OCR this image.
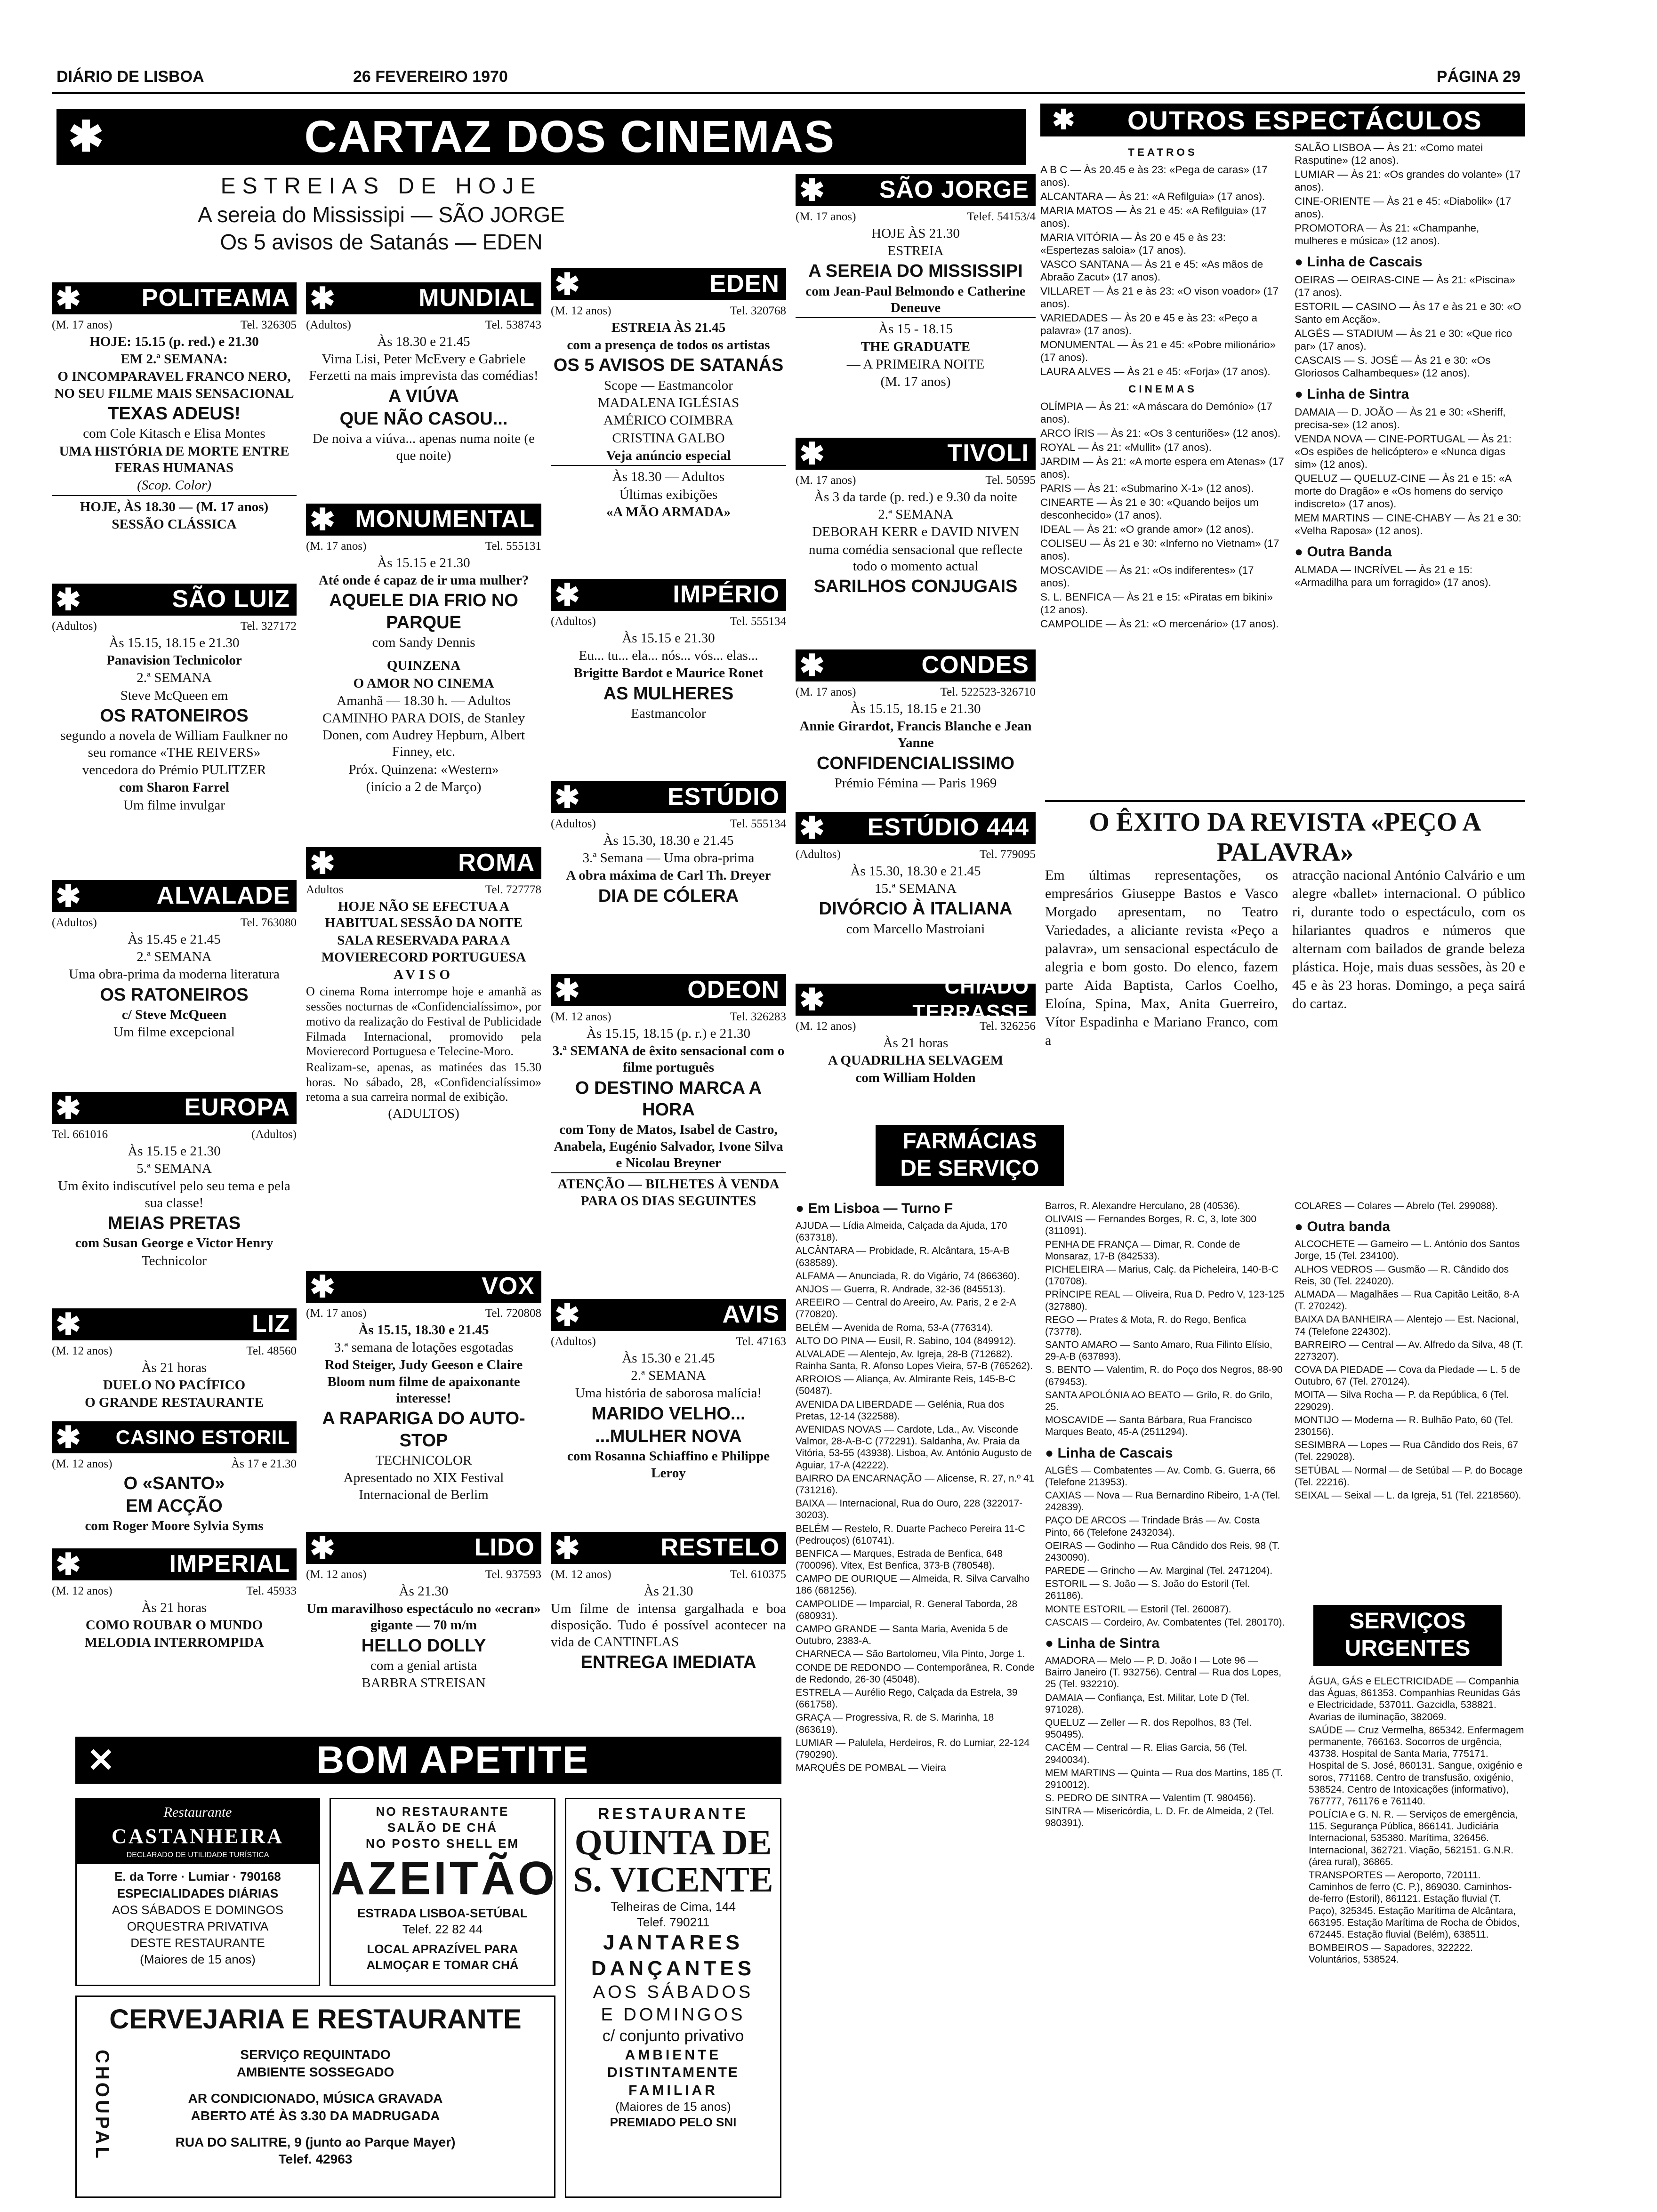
DIÁRIO DE LISBOA	26 FEVEREIRO 1970	PÁGINA 29
✱	CARTAZ DOS CINEMAS

ESTREIAS DE HOJE

A sereia do Mississipi — SÃO JORGE

Os 5 avisos de Satanás — EDEN

✱	POLITEAMA
(M. 17 anos)	Tel. 326305

HOJE: 15.15 (p. red.) e 21.30

EM 2.ª SEMANA:

O INCOMPARAVEL FRANCO NERO, NO SEU FILME MAIS SENSACIONAL

TEXAS ADEUS!

com Cole Kitasch e Elisa Montes

UMA HISTÓRIA DE MORTE ENTRE FERAS HUMANAS

(Scop. Color)

HOJE, ÀS 18.30 — (M. 17 anos)

SESSÃO CLÁSSICA

✱	SÃO LUIZ
(Adultos)	Tel. 327172

Às 15.15, 18.15 e 21.30

Panavision Technicolor

2.ª SEMANA

Steve McQueen em

OS RATONEIROS

segundo a novela de William Faulkner no seu romance «THE REIVERS»

vencedora do Prémio PULITZER

com Sharon Farrel

Um filme invulgar

✱	ALVALADE
(Adultos)	Tel. 763080

Às 15.45 e 21.45

2.ª SEMANA

Uma obra-prima da moderna literatura

OS RATONEIROS

c/ Steve McQueen

Um filme excepcional

✱	EUROPA
Tel. 661016	(Adultos)

Às 15.15 e 21.30

5.ª SEMANA

Um êxito indiscutível pelo seu tema e pela sua classe!

MEIAS PRETAS

com Susan George e Victor Henry

Technicolor

✱	LIZ
(M. 12 anos)	Tel. 48560

Às 21 horas

DUELO NO PACÍFICO

O GRANDE RESTAURANTE

✱	CASINO ESTORIL
(M. 12 anos)	Às 17 e 21.30

O «SANTO»

EM ACÇÃO

com Roger Moore Sylvia Syms

✱	IMPERIAL
(M. 12 anos)	Tel. 45933

Às 21 horas

COMO ROUBAR O MUNDO

MELODIA INTERROMPIDA

✱	MUNDIAL
(Adultos)	Tel. 538743

Às 18.30 e 21.45

Virna Lisi, Peter McEvery e Gabriele Ferzetti na mais imprevista das comédias!

A VIÚVA

QUE NÃO CASOU...

De noiva a viúva... apenas numa noite (e que noite)

✱ MONUMENTAL
(M. 17 anos)	Tel. 555131

Às 15.15 e 21.30

Até onde é capaz de ir uma mulher?

AQUELE DIA FRIO NO PARQUE

com Sandy Dennis

QUINZENA

O AMOR NO CINEMA

Amanhã — 18.30 h. — Adultos

CAMINHO PARA DOIS, de Stanley Donen, com Audrey Hepburn, Albert Finney, etc.

Próx. Quinzena: «Western»

(início a 2 de Março)

✱	ROMA
Adultos	Tel. 727778

HOJE NÃO SE EFECTUA A HABITUAL SESSÃO DA NOITE

SALA RESERVADA PARA A MOVIERECORD PORTUGUESA

AVISO

O cinema Roma interrompe hoje e amanhã as sessões nocturnas de «Confidencialíssimo», por motivo da realização do Festival de Publicidade Filmada Internacional, promovido pela Movierecord Portuguesa e Telecine-Moro.

Realizam-se, apenas, as matinées das 15.30 horas. No sábado, 28, «Confidencialíssimo» retoma a sua carreira normal de exibição.

(ADULTOS)

✱	VOX
(M. 17 anos)	Tel. 720808

Às 15.15, 18.30 e 21.45

3.ª semana de lotações esgotadas

Rod Steiger, Judy Geeson e Claire Bloom num filme de apaixonante interesse!

A RAPARIGA DO AUTO-STOP

TECHNICOLOR

Apresentado no XIX Festival Internacional de Berlim

✱	LIDO
(M. 12 anos)	Tel. 937593

Às 21.30

Um maravilhoso espectáculo no «ecran» gigante — 70 m/m

HELLO DOLLY

com a genial artista

BARBRA STREISAN

✱	EDEN
(M. 12 anos)	Tel. 320768

ESTREIA ÀS 21.45

com a presença de todos os artistas

OS 5 AVISOS DE SATANÁS

Scope — Eastmancolor

MADALENA IGLÉSIAS

AMÉRICO COIMBRA

CRISTINA GALBO

Veja anúncio especial

Às 18.30 — Adultos

Últimas exibições

«A MÃO ARMADA»

✱	IMPÉRIO
(Adultos)	Tel. 555134

Às 15.15 e 21.30

Eu... tu... ela... nós... vós... elas...

Brigitte Bardot e Maurice Ronet

AS MULHERES

Eastmancolor

✱	ESTÚDIO
(Adultos)	Tel. 555134

Às 15.30, 18.30 e 21.45

3.ª Semana — Uma obra-prima

A obra máxima de Carl Th. Dreyer

DIA DE CÓLERA

✱	ODEON
(M. 12 anos)	Tel. 326283

Às 15.15, 18.15 (p. r.) e 21.30

3.ª SEMANA de êxito sensacional com o filme português

O DESTINO MARCA A HORA

com Tony de Matos, Isabel de Castro, Anabela, Eugénio Salvador, Ivone Silva e Nicolau Breyner

ATENÇÃO — BILHETES À VENDA PARA OS DIAS SEGUINTES

✱	AVIS
(Adultos)	Tel. 47163

Às 15.30 e 21.45

2.ª SEMANA

Uma história de saborosa malícia!

MARIDO VELHO...

...MULHER NOVA

com Rosanna Schiaffino e Philippe Leroy

✱	RESTELO
(M. 12 anos)	Tel. 610375

Às 21.30

Um filme de intensa gargalhada e boa disposição. Tudo é possível acontecer na vida de CANTINFLAS

ENTREGA IMEDIATA

✱	SÃO JORGE
(M. 17 anos)	Telef. 54153/4

HOJE ÀS 21.30

ESTREIA

A SEREIA DO MISSISSIPI

com Jean-Paul Belmondo e Catherine Deneuve

Às 15 - 18.15

THE GRADUATE

— A PRIMEIRA NOITE

(M. 17 anos)

✱	TIVOLI
(M. 17 anos)	Tel. 50595

Às 3 da tarde (p. red.) e 9.30 da noite

2.ª SEMANA

DEBORAH KERR e DAVID NIVEN

numa comédia sensacional que reflecte todo o momento actual

SARILHOS CONJUGAIS

✱	CONDES
(M. 17 anos)	Tel. 522523-326710

Às 15.15, 18.15 e 21.30

Annie Girardot, Francis Blanche e Jean Yanne

CONFIDENCIALISSIMO

Prémio Fémina — Paris 1969

✱	ESTÚDIO 444
(Adultos)	Tel. 779095

Às 15.30, 18.30 e 21.45

15.ª SEMANA

DIVÓRCIO À ITALIANA

com Marcello Mastroiani

✱	CHIADO TERRASSE
(M. 12 anos)	Tel. 326256

Às 21 horas

A QUADRILHA SELVAGEM

com William Holden

✱	OUTROS ESPECTÁCULOS

TEATROS

A B C — Às 20.45 e às 23: «Pega de caras» (17 anos).

ALCANTARA — Às 21: «A Refilguia» (17 anos).

MARIA MATOS — Às 21 e 45: «A Refilguia» (17 anos).

MARIA VITÓRIA — Às 20 e 45 e às 23: «Espertezas saloia» (17 anos).

VASCO SANTANA — Às 21 e 45: «As mãos de Abraão Zacut» (17 anos).

VILLARET — Às 21 e às 23: «O vison voador» (17 anos).

VARIEDADES — Às 20 e 45 e às 23: «Peço a palavra» (17 anos).

MONUMENTAL — Às 21 e 45: «Pobre milionário» (17 anos).

LAURA ALVES — Às 21 e 45: «Forja» (17 anos).

CINEMAS

OLÍMPIA — Às 21: «A máscara do Demónio» (17 anos).

ARCO ÍRIS — Às 21: «Os 3 centuriões» (12 anos).

ROYAL — Às 21: «Mullit» (17 anos).

JARDIM — Às 21: «A morte espera em Atenas» (17 anos).

PARIS — Às 21: «Submarino X-1» (12 anos).

CINEARTE — Às 21 e 30: «Quando beijos um desconhecido» (17 anos).

IDEAL — Às 21: «O grande amor» (12 anos).

COLISEU — Às 21 e 30: «Inferno no Vietnam» (17 anos).

MOSCAVIDE — Às 21: «Os indiferentes» (17 anos).

S. L. BENFICA — Às 21 e 15: «Piratas em bikini» (12 anos).

CAMPOLIDE — Às 21: «O mercenário» (17 anos).

SALÃO LISBOA — Às 21: «Como matei Rasputine» (12 anos).

LUMIAR — Às 21: «Os grandes do volante» (17 anos).

CINE-ORIENTE — Às 21 e 45: «Diabolik» (17 anos).

PROMOTORA — Às 21: «Champanhe, mulheres e música» (12 anos).

● Linha de Cascais

OEIRAS — OEIRAS-CINE — Às 21: «Piscina» (17 anos).

ESTORIL — CASINO — Às 17 e às 21 e 30: «O Santo em Acção».

ALGÉS — STADIUM — Às 21 e 30: «Que rico par» (17 anos).

CASCAIS — S. JOSÉ — Às 21 e 30: «Os Gloriosos Calhambeques» (12 anos).

● Linha de Sintra

DAMAIA — D. JOÃO — Às 21 e 30: «Sheriff, precisa-se» (12 anos).

VENDA NOVA — CINE-PORTUGAL — Às 21: «Os espiões de helicóptero» e «Nunca digas sim» (12 anos).

QUELUZ — QUELUZ-CINE — Às 21 e 15: «A morte do Dragão» e «Os homens do serviço indiscreto» (17 anos).

MEM MARTINS — CINE-CHABY — Às 21 e 30: «Velha Raposa» (12 anos).

● Outra Banda

ALMADA — INCRÍVEL — Às 21 e 15: «Armadilha para um forragido» (17 anos).

O ÊXITO DA REVISTA «PEÇO A PALAVRA»
Em últimas representações, os empresários Giuseppe Bastos e Vasco Morgado apresentam, no Teatro Variedades, a aliciante revista «Peço a palavra», um sensacional espectáculo de alegria e bom gosto. Do elenco, fazem parte Aida Baptista, Carlos Coelho, Eloína, Spina, Max, Anita Guerreiro, Vítor Espadinha e Mariano Franco, com a
atracção nacional António Calvário e um alegre «ballet» internacional. O público ri, durante todo o espectáculo, com os hilariantes quadros e números que alternam com bailados de grande beleza plástica. Hoje, mais duas sessões, às 20 e 45 e às 23 horas. Domingo, a peça sairá do cartaz.
FARMÁCIAS
DE SERVIÇO

● Em Lisboa — Turno F

AJUDA — Lídia Almeida, Calçada da Ajuda, 170 (637318).

ALCÂNTARA — Probidade, R. Alcântara, 15-A-B (638589).

ALFAMA — Anunciada, R. do Vigário, 74 (866360).

ANJOS — Guerra, R. Andrade, 32-36 (845513).

AREEIRO — Central do Areeiro, Av. Paris, 2 e 2-A (770820).

BELÉM — Avenida de Roma, 53-A (776314).

ALTO DO PINA — Eusil, R. Sabino, 104 (849912).

ALVALADE — Alentejo, Av. Igreja, 28-B (712682). Rainha Santa, R. Afonso Lopes Vieira, 57-B (765262).

ARROIOS — Aliança, Av. Almirante Reis, 145-B-C (50487).

AVENIDA DA LIBERDADE — Gelénia, Rua dos Pretas, 12-14 (322588).

AVENIDAS NOVAS — Cardote, Lda., Av. Visconde Valmor, 28-A-B-C (772291). Saldanha, Av. Praia da Vitória, 53-55 (43938). Lisboa, Av. António Augusto de Aguiar, 17-A (42222).

BAIRRO DA ENCARNAÇÃO — Alicense, R. 27, n.º 41 (731216).

BAIXA — Internacional, Rua do Ouro, 228 (322017-30203).

BELÉM — Restelo, R. Duarte Pacheco Pereira 11-C (Pedrouços) (610741).

BENFICA — Marques, Estrada de Benfica, 648 (700096). Vitex, Est Benfica, 373-B (780548).

CAMPO DE OURIQUE — Almeida, R. Silva Carvalho 186 (681256).

CAMPOLIDE — Imparcial, R. General Taborda, 28 (680931).

CAMPO GRANDE — Santa Maria, Avenida 5 de Outubro, 2383-A.

CHARNECA — São Bartolomeu, Vila Pinto, Jorge 1.

CONDE DE REDONDO — Contemporânea, R. Conde de Redondo, 26-30 (45048).

ESTRELA — Aurélio Rego, Calçada da Estrela, 39 (661758).

GRAÇA — Progressiva, R. de S. Marinha, 18 (863619).

LUMIAR — Palulela, Herdeiros, R. do Lumiar, 22-124 (790290).

MARQUÊS DE POMBAL — Vieira

Barros, R. Alexandre Herculano, 28 (40536).

OLIVAIS — Fernandes Borges, R. C, 3, lote 300 (311091).

PENHA DE FRANÇA — Dimar, R. Conde de Monsaraz, 17-B (842533).

PICHELEIRA — Marius, Calç. da Picheleira, 140-B-C (170708).

PRÍNCIPE REAL — Oliveira, Rua D. Pedro V, 123-125 (327880).

REGO — Prates & Mota, R. do Rego, Benfica (73778).

SANTO AMARO — Santo Amaro, Rua Filinto Elísio, 29-A-B (637893).

S. BENTO — Valentim, R. do Poço dos Negros, 88-90 (679453).

SANTA APOLÓNIA AO BEATO — Grilo, R. do Grilo, 25.

MOSCAVIDE — Santa Bárbara, Rua Francisco Marques Beato, 45-A (2511294).

● Linha de Cascais

ALGÉS — Combatentes — Av. Comb. G. Guerra, 66 (Telefone 213953).

CAXIAS — Nova — Rua Bernardino Ribeiro, 1-A (Tel. 242839).

PAÇO DE ARCOS — Trindade Brás — Av. Costa Pinto, 66 (Telefone 2432034).

OEIRAS — Godinho — Rua Cândido dos Reis, 98 (T. 2430090).

PAREDE — Grincho — Av. Marginal (Tel. 2471204).

ESTORIL — S. João — S. João do Estoril (Tel. 261186).

MONTE ESTORIL — Estoril (Tel. 260087).

CASCAIS — Cordeiro, Av. Combatentes (Tel. 280170).

● Linha de Sintra

AMADORA — Melo — P. D. João I — Lote 96 — Bairro Janeiro (T. 932756). Central — Rua dos Lopes, 25 (Tel. 932210).

DAMAIA — Confiança, Est. Militar, Lote D (Tel. 971028).

QUELUZ — Zeller — R. dos Repolhos, 83 (Tel. 950495).

CACÉM — Central — R. Elias Garcia, 56 (Tel. 2940034).

MEM MARTINS — Quinta — Rua dos Martins, 185 (T. 2910012).

S. PEDRO DE SINTRA — Valentim (T. 980456).

SINTRA — Misericórdia, L. D. Fr. de Almeida, 2 (Tel. 980391).

COLARES — Colares — Abrelo (Tel. 299088).

● Outra banda

ALCOCHETE — Gameiro — L. António dos Santos Jorge, 15 (Tel. 234100).

ALHOS VEDROS — Gusmão — R. Cândido dos Reis, 30 (Tel. 224020).

ALMADA — Magalhães — Rua Capitão Leitão, 8-A (T. 270242).

BAIXA DA BANHEIRA — Alentejo — Est. Nacional, 74 (Telefone 224302).

BARREIRO — Central — Av. Alfredo da Silva, 48 (T. 2273207).

COVA DA PIEDADE — Cova da Piedade — L. 5 de Outubro, 67 (Tel. 270124).

MOITA — Silva Rocha — P. da República, 6 (Tel. 229029).

MONTIJO — Moderna — R. Bulhão Pato, 60 (Tel. 230156).

SESIMBRA — Lopes — Rua Cândido dos Reis, 67 (Tel. 229028).

SETÚBAL — Normal — de Setúbal — P. do Bocage (Tel. 22216).

SEIXAL — Seixal — L. da Igreja, 51 (Tel. 2218560).

SERVIÇOS
URGENTES

ÁGUA, GÁS e ELECTRICIDADE — Companhia das Águas, 861353. Companhias Reunidas Gás e Electricidade, 537011. Gazcidla, 538821. Avarias de iluminação, 382069.

SAÚDE — Cruz Vermelha, 865342. Enfermagem permanente, 766163. Socorros de urgência, 43738. Hospital de Santa Maria, 775171. Hospital de S. José, 860131. Sangue, oxigénio e soros, 771168. Centro de transfusão, oxigénio, 538524. Centro de Intoxicações (informativo), 767777, 761176 e 761140.

POLÍCIA e G. N. R. — Serviços de emergência, 115. Segurança Pública, 866141. Judiciária Internacional, 535380. Marítima, 326456. Internacional, 362721. Viação, 562151. G.N.R. (área rural), 36865.

TRANSPORTES — Aeroporto, 720111. Caminhos de ferro (C. P.), 869030. Caminhos-de-ferro (Estoril), 861121. Estação fluvial (T. Paço), 325345. Estação Marítima de Alcântara, 663195. Estação Marítima de Rocha de Óbidos, 672445. Estação fluvial (Belém), 638511.

BOMBEIROS — Sapadores, 322222. Voluntários, 538524.

✕	BOM APETITE
Restaurante
CASTANHEIRA
DECLARADO DE UTILIDADE TURÍSTICA
E. da Torre · Lumiar · 790168
ESPECIALIDADES DIÁRIAS
AOS SÁBADOS E DOMINGOS
ORQUESTRA PRIVATIVA
DESTE RESTAURANTE
(Maiores de 15 anos)
NO RESTAURANTE
SALÃO DE CHÁ
NO POSTO SHELL EM
AZEITÃO
ESTRADA LISBOA-SETÚBAL
Telef. 22 82 44
LOCAL APRAZÍVEL PARA
ALMOÇAR E TOMAR CHÁ
RESTAURANTE
QUINTA DE
S. VICENTE
Telheiras de Cima, 144
Telef. 790211
JANTARES
DANÇANTES
AOS SÁBADOS
E DOMINGOS
c/ conjunto privativo
AMBIENTE
DISTINTAMENTE
FAMILIAR
(Maiores de 15 anos)
PREMIADO PELO SNI
CHOUPAL
CERVEJARIA E RESTAURANTE
SERVIÇO REQUINTADO
AMBIENTE SOSSEGADO
AR CONDICIONADO, MÚSICA GRAVADA
ABERTO ATÉ ÀS 3.30 DA MADRUGADA
RUA DO SALITRE, 9 (junto ao Parque Mayer)
Telef. 42963
